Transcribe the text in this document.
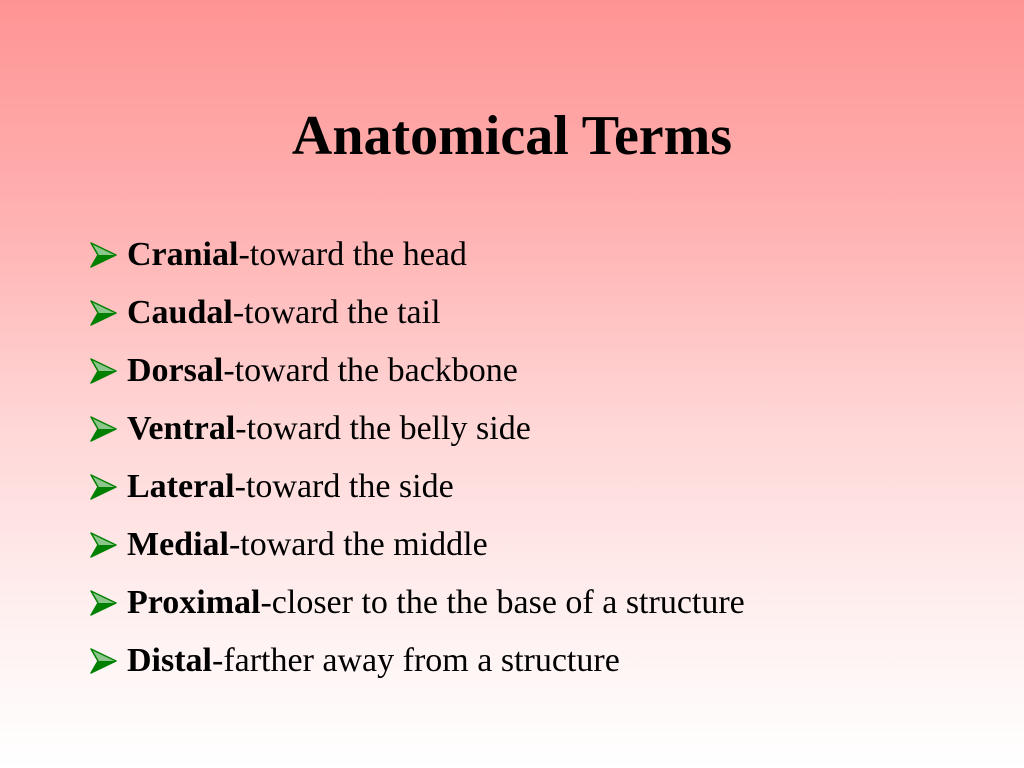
Anatomical Terms
Cranial -toward the head
Caudal -toward the tail
Dorsal -toward the backbone
Ventral -toward the belly side
Lateral -toward the side
Medial -toward the middle
Proximal -closer to the the base of a structure
Distal -farther away from a structure
